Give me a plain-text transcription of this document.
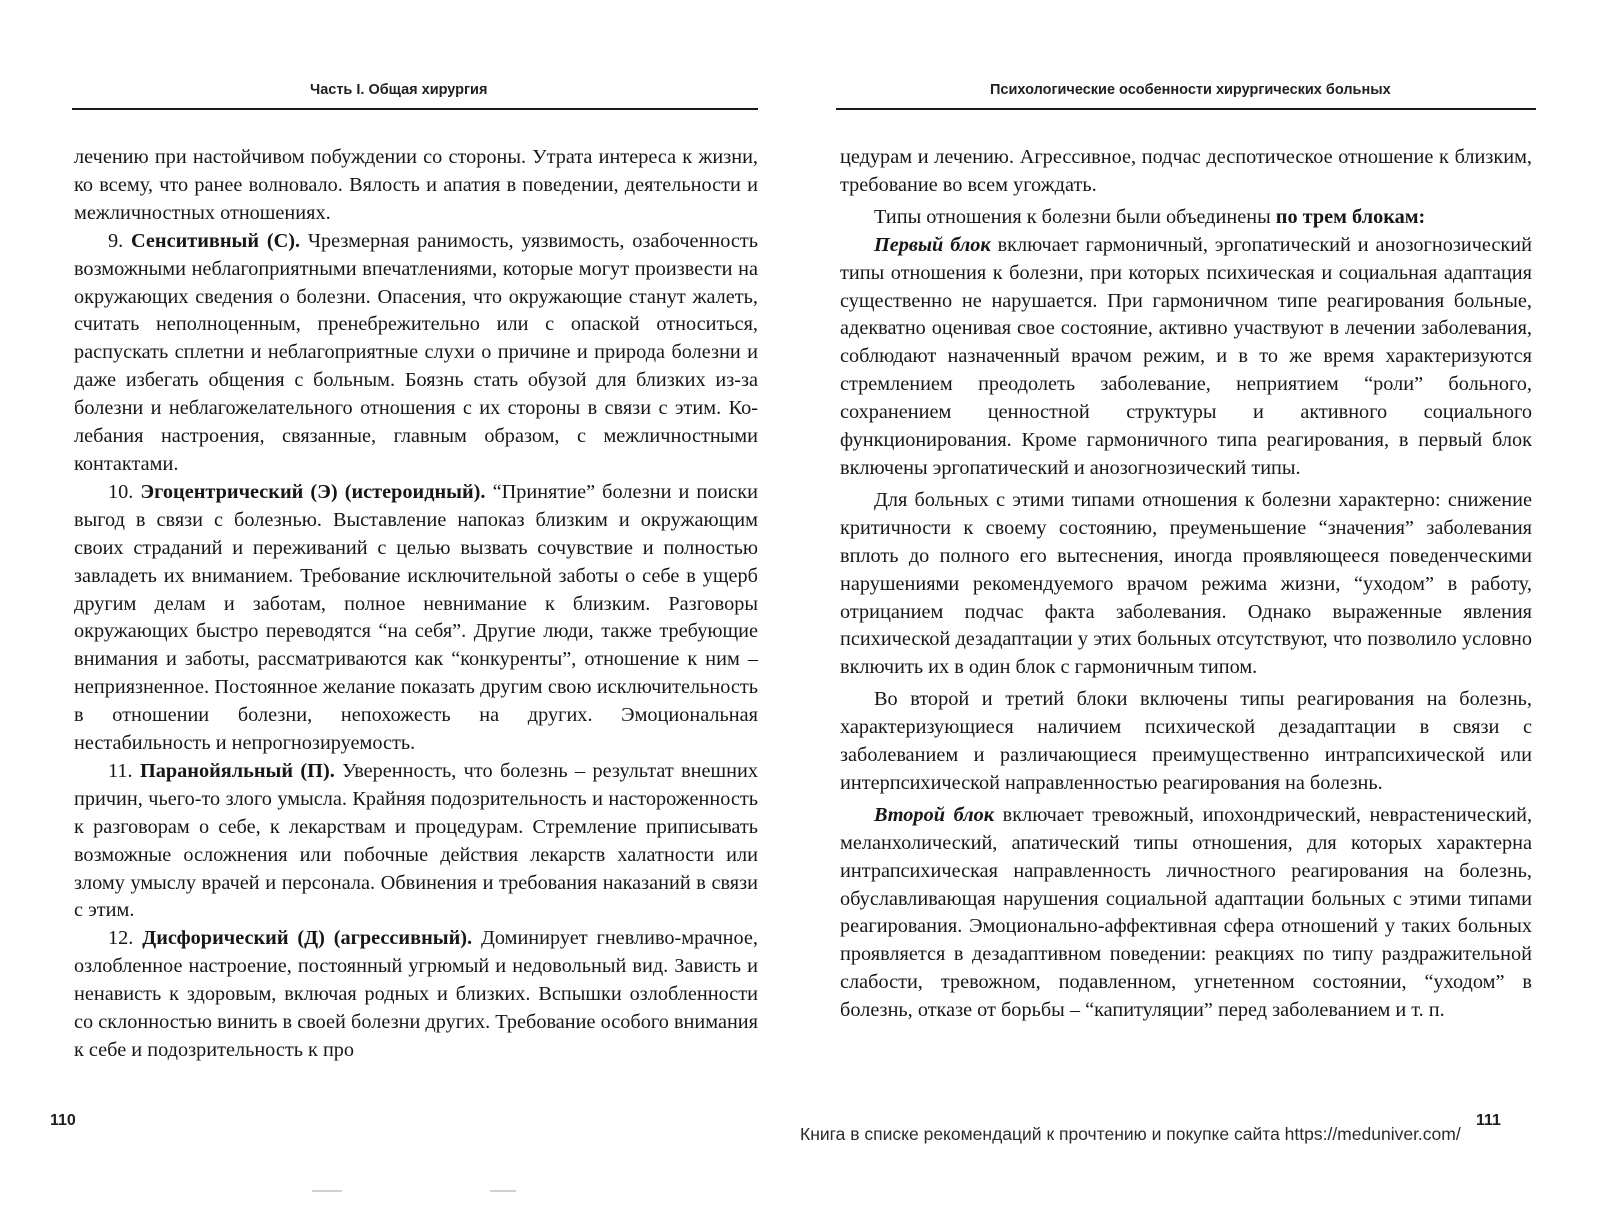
Часть I. Общая хирургия

лечению при настойчивом побуждении со стороны. Утрата интереса к жизни, ко всему, что ранее волновало. Вялость и апатия в поведении, деятельности и межличностных отношениях.

9. Сенситивный (С). Чрезмерная ранимость, уязвимость, озабоченность возможными неблагоприятными впечатлениями, которые могут произвести на окружающих сведения о болезни. Опасения, что окружающие станут жалеть, считать неполноценным, пренебрежительно или с опаской относиться, распускать сплетни и неблагоприятные слухи о причине и природа болезни и даже избегать общения с больным. Боязнь стать обузой для близких из-за болезни и неблагожелательного отношения с их стороны в связи с этим. Колебания настроения, связанные, главным образом, с межличностными контактами.

10. Эгоцентрический (Э) (истероидный). “Принятие” болезни и поиски выгод в связи с болезнью. Выставление напоказ близким и окружающим своих страданий и переживаний с целью вызвать сочувствие и полностью завладеть их вниманием. Требование исключительной заботы о себе в ущерб другим делам и заботам, полное невнимание к близким. Разговоры окружающих быстро переводятся “на себя”. Другие люди, также требующие внимания и заботы, рассматриваются как “конкуренты”, отношение к ним – неприязненное. Постоянное желание показать другим свою исключительность в отношении болезни, непохожесть на других. Эмоциональная нестабильность и непрогнозируемость.

11. Паранойяльный (П). Уверенность, что болезнь – результат внешних причин, чьего-то злого умысла. Крайняя подозрительность и настороженность к разговорам о себе, к лекарствам и процедурам. Стремление приписывать возможные осложнения или побочные действия лекарств халатности или злому умыслу врачей и персонала. Обвинения и требования наказаний в связи с этим.

12. Дисфорический (Д) (агрессивный). Доминирует гневливо-мрачное, озлобленное настроение, постоянный угрюмый и недовольный вид. Зависть и ненависть к здоровым, включая родных и близких. Вспышки озлобленности со склонностью винить в своей болезни других. Требование особого внимания к себе и подозрительность к про

110
Психологические особенности хирургических больных

цедурам и лечению. Агрессивное, подчас деспотическое отношение к близким, требование во всем угождать.

Типы отношения к болезни были объединены по трем блокам:

Первый блок включает гармоничный, эргопатический и анозогнозический типы отношения к болезни, при которых психическая и социальная адаптация существенно не нарушается. При гармоничном типе реагирования больные, адекватно оценивая свое состояние, активно участвуют в лечении заболевания, соблюдают назначенный врачом режим, и в то же время характеризуются стремлением преодолеть заболевание, неприятием “роли” больного, сохранением ценностной структуры и активного социального функционирования. Кроме гармоничного типа реагирования, в первый блок включены эргопатический и анозогнозический типы.

Для больных с этими типами отношения к болезни характерно: снижение критичности к своему состоянию, преуменьшение “значения” заболевания вплоть до полного его вытеснения, иногда проявляющееся поведенческими нарушениями рекомендуемого врачом режима жизни, “уходом” в работу, отрицанием подчас факта заболевания. Однако выраженные явления психической дезадаптации у этих больных отсутствуют, что позволило условно включить их в один блок с гармоничным типом.

Во второй и третий блоки включены типы реагирования на болезнь, характеризующиеся наличием психической дезадаптации в связи с заболеванием и различающиеся преимущественно интрапсихической или интерпсихической направленностью реагирования на болезнь.

Второй блок включает тревожный, ипохондрический, неврастенический, меланхолический, апатический типы отношения, для которых характерна интрапсихическая направленность личностного реагирования на болезнь, обуславливающая нарушения социальной адаптации больных с этими типами реагирования. Эмоционально-аффективная сфера отношений у таких больных проявляется в дезадаптивном поведении: реакциях по типу раздражительной слабости, тревожном, подавленном, угнетенном состоянии, “уходом” в болезнь, отказе от борьбы – “капитуляции” перед заболеванием и т. п.

111
Книга в списке рекомендаций к прочтению и покупке сайта https://meduniver.com/
